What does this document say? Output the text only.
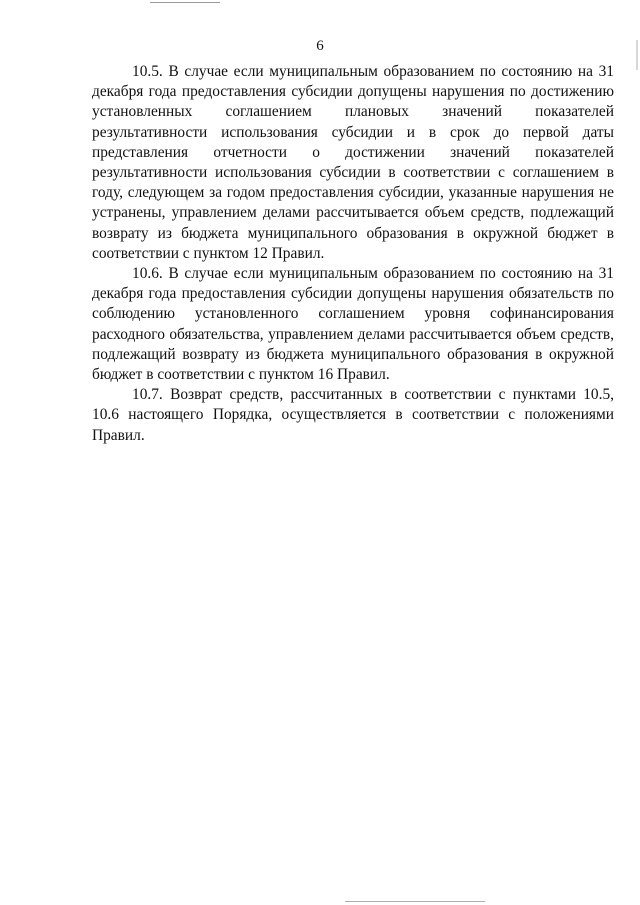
6

10.5. В случае если муниципальным образованием по состоянию на 31 декабря года предоставления субсидии допущены нарушения по достижению установленных соглашением плановых значений показателей результативности использования субсидии и в срок до первой даты представления отчетности о достижении значений показателей результативности использования субсидии в соответствии с соглашением в году, следующем за годом предоставления субсидии, указанные нарушения не устранены, управлением делами рассчитывается объем средств, подлежащий возврату из бюджета муниципального образования в окружной бюджет в соответствии с пунктом 12 Правил.

10.6. В случае если муниципальным образованием по состоянию на 31 декабря года предоставления субсидии допущены нарушения обязательств по соблюдению установленного соглашением уровня софинансирования расходного обязательства, управлением делами рассчитывается объем средств, подлежащий возврату из бюджета муниципального образования в окружной бюджет в соответствии с пунктом 16 Правил.

10.7. Возврат средств, рассчитанных в соответствии с пунктами 10.5, 10.6 настоящего Порядка, осуществляется в соответствии с положениями Правил.
